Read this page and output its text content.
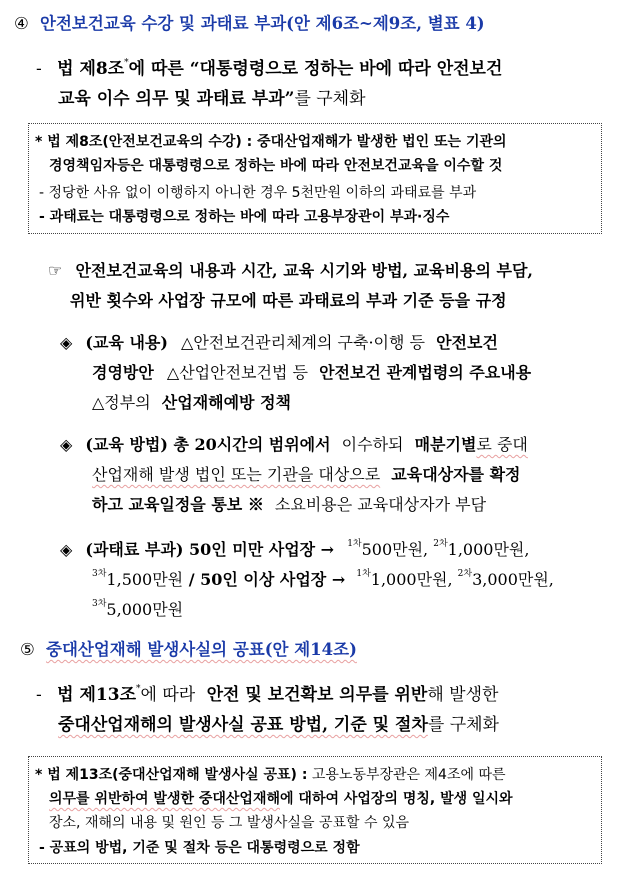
④ 안전보건교육 수강 및 과태료 부과(안 제6조~제9조, 별표 4)
- 법 제8조*에 따른 “대통령령으로 정하는 바에 따라 안전보건
교육 이수 의무 및 과태료 부과”를 구체화
* 법 제8조(안전보건교육의 수강) : 중대산업재해가 발생한 법인 또는 기관의
경영책임자등은 대통령령으로 정하는 바에 따라 안전보건교육을 이수할 것
- 정당한 사유 없이 이행하지 아니한 경우 5천만원 이하의 과태료를 부과
- 과태료는 대통령령으로 정하는 바에 따라 고용부장관이 부과·징수
☞ 안전보건교육의 내용과 시간, 교육 시기와 방법, 교육비용의 부담,
위반 횟수와 사업장 규모에 따른 과태료의 부과 기준 등을 규정
◈ (교육 내용) △안전보건관리체계의 구축·이행 등 안전보건
경영방안 △산업안전보건법 등 안전보건 관계법령의 주요내용
△정부의 산업재해예방 정책
◈ (교육 방법) 총 20시간의 범위에서 이수하되 매분기별로 중대
산업재해 발생 법인 또는 기관을 대상으로 교육대상자를 확정
하고 교육일정을 통보 ※ 소요비용은 교육대상자가 부담
◈ (과태료 부과) 50인 미만 사업장 → $^{1차}$500만원, $^{2차}$1,000만원,
$^{3차}$1,500만원 / 50인 이상 사업장 → $^{1차}$1,000만원, $^{2차}$3,000만원,
$^{3차}$5,000만원
⑤ 중대산업재해 발생사실의 공표(안 제14조)
- 법 제13조*에 따라 안전 및 보건확보 의무를 위반해 발생한
중대산업재해의 발생사실 공표 방법, 기준 및 절차를 구체화
* 법 제13조(중대산업재해 발생사실 공표) : 고용노동부장관은 제4조에 따른
의무를 위반하여 발생한 중대산업재해에 대하여 사업장의 명칭, 발생 일시와
장소, 재해의 내용 및 원인 등 그 발생사실을 공표할 수 있음
- 공표의 방법, 기준 및 절차 등은 대통령령으로 정함
